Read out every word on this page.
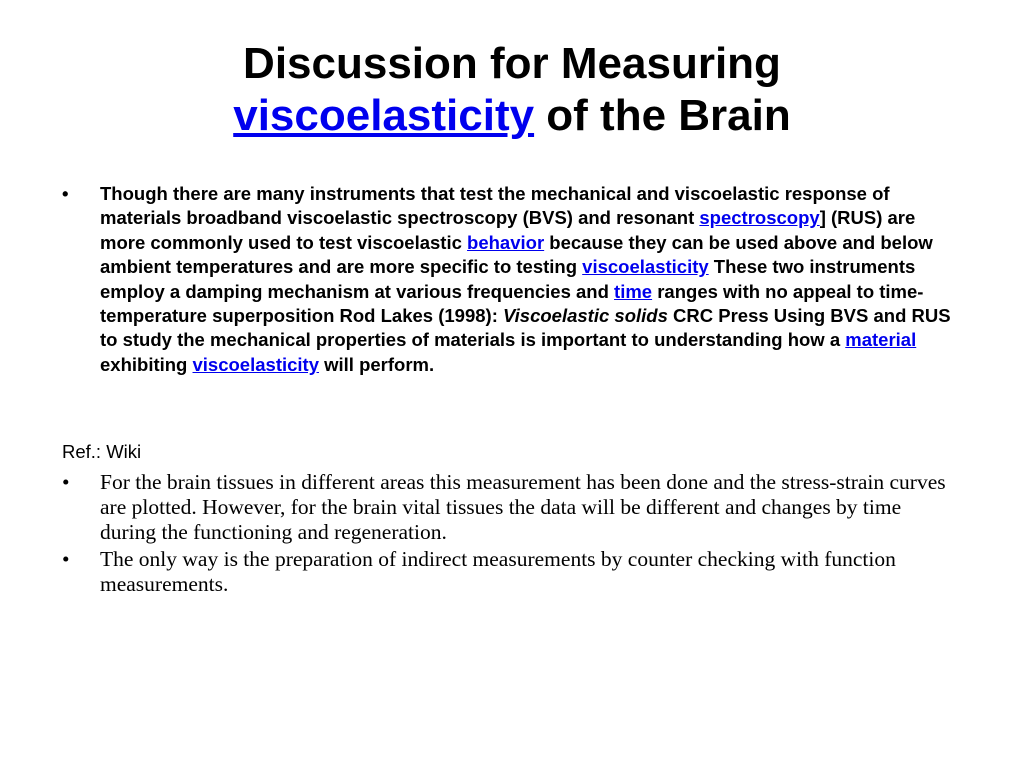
Discussion for Measuring
viscoelasticity of the Brain
• Though there are many instruments that test the mechanical and viscoelastic response of materials broadband viscoelastic spectroscopy (BVS) and resonant spectroscopy] (RUS) are more commonly used to test viscoelastic behavior because they can be used above and below ambient temperatures and are more specific to testing viscoelasticity These two instruments employ a damping mechanism at various frequencies and time ranges with no appeal to time-temperature superposition Rod Lakes (1998): Viscoelastic solids CRC Press Using BVS and RUS to study the mechanical properties of materials is important to understanding how a material exhibiting viscoelasticity will perform.
Ref.: Wiki
• For the brain tissues in different areas this measurement has been done and the stress-strain curves are plotted. However, for the brain vital tissues the data will be different and changes by time during the functioning and regeneration.
• The only way is the preparation of indirect measurements by counter checking with function measurements.
